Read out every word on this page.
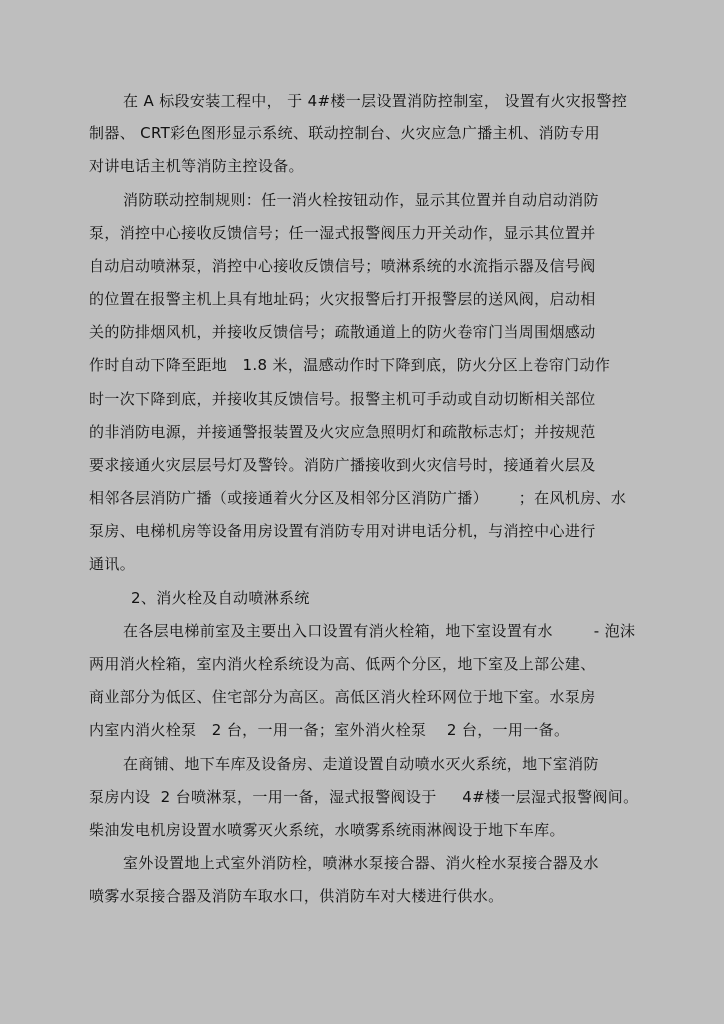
在 A 标段安装工程中， 于 4#楼一层设置消防控制室， 设置有火灾报警控
制器、 CRT彩色图形显示系统、联动控制台、火灾应急广播主机、消防专用
对讲电话主机等消防主控设备。
消防联动控制规则：任一消火栓按钮动作，显示其位置并自动启动消防
泵，消控中心接收反馈信号；任一湿式报警阀压力开关动作，显示其位置并
自动启动喷淋泵，消控中心接收反馈信号；喷淋系统的水流指示器及信号阀
的位置在报警主机上具有地址码；火灾报警后打开报警层的送风阀，启动相
关的防排烟风机，并接收反馈信号；疏散通道上的防火卷帘门当周围烟感动
作时自动下降至距地   1.8 米，温感动作时下降到底，防火分区上卷帘门动作
时一次下降到底，并接收其反馈信号。报警主机可手动或自动切断相关部位
的非消防电源，并接通警报装置及火灾应急照明灯和疏散标志灯；并按规范
要求接通火灾层层号灯及警铃。消防广播接收到火灾信号时，接通着火层及
相邻各层消防广播（或接通着火分区及相邻分区消防广播）      ；在风机房、水
泵房、电梯机房等设备用房设置有消防专用对讲电话分机，与消控中心进行
通讯。
2、消火栓及自动喷淋系统
在各层电梯前室及主要出入口设置有消火栓箱，地下室设置有水        - 泡沫
两用消火栓箱，室内消火栓系统设为高、低两个分区，地下室及上部公建、
商业部分为低区、住宅部分为高区。高低区消火栓环网位于地下室。水泵房
内室内消火栓泵   2 台，一用一备；室外消火栓泵    2 台，一用一备。
在商铺、地下车库及设备房、走道设置自动喷水灭火系统，地下室消防
泵房内设  2 台喷淋泵，一用一备，湿式报警阀设于     4#楼一层湿式报警阀间。
柴油发电机房设置水喷雾灭火系统，水喷雾系统雨淋阀设于地下车库。
室外设置地上式室外消防栓，喷淋水泵接合器、消火栓水泵接合器及水
喷雾水泵接合器及消防车取水口，供消防车对大楼进行供水。
